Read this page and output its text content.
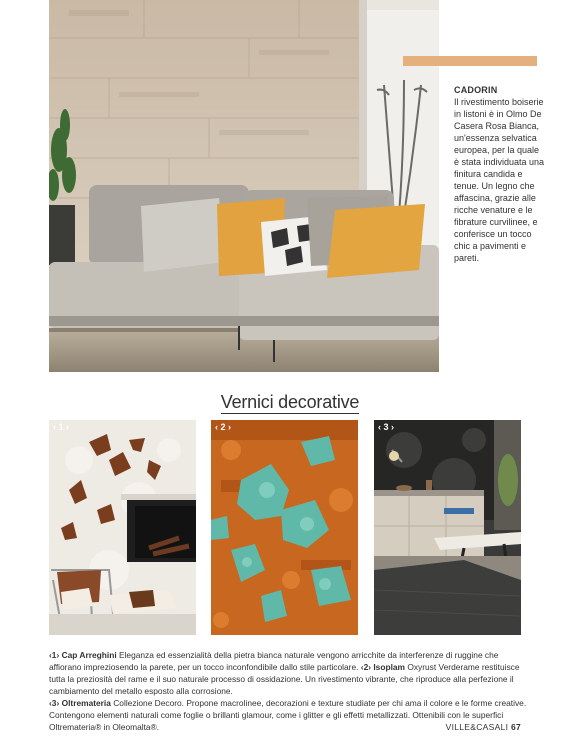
CADORIN
Il rivestimento boiserie in listoni è in Olmo De Casera Rosa Bianca, un'essenza selvatica europea, per la quale è stata individuata una finitura candida e tenue. Un legno che affascina, grazie alle ricche venature e le fibrature curvilinee, e conferisce un tocco chic a pavimenti e pareti.
Vernici decorative
‹ 1 ›	‹ 2 ›	‹ 3 ›
‹1› Cap Arreghini Eleganza ed essenzialità della pietra bianca naturale vengono arricchite da interferenze di ruggine che affiorano impreziosendo la parete, per un tocco inconfondibile dallo stile particolare. ‹2› Isoplam Oxyrust Verderame restituisce tutta la preziosità del rame e il suo naturale processo di ossidazione. Un rivestimento vibrante, che riproduce alla perfezione il cambiamento del metallo esposto alla corrosione.
‹3› Oltremateria Collezione Decoro. Propone macrolinee, decorazioni e texture studiate per chi ama il colore e le forme creative. Contengono elementi naturali come foglie o brillanti glamour, come i glitter e gli effetti metallizzati. Ottenibili con le superfici Oltremateria® in Oleomalta®.	VILLE&CASALI 67
